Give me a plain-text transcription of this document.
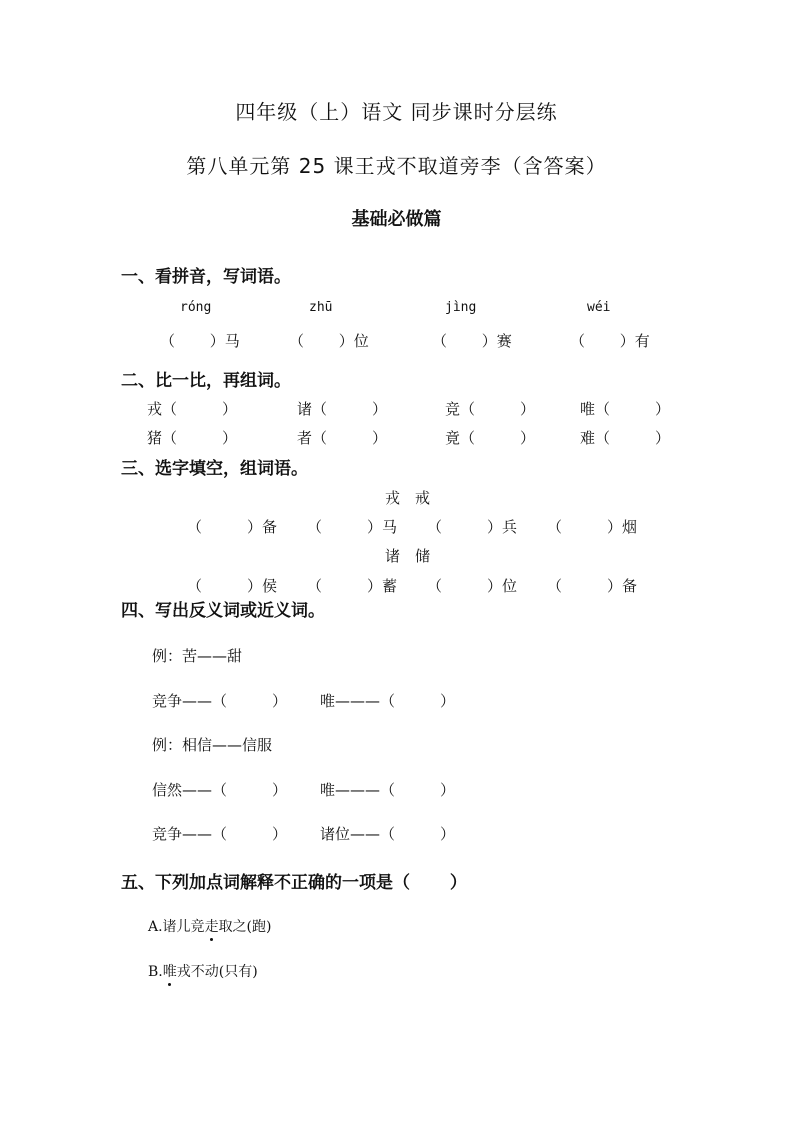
四年级（上）语文 同步课时分层练
第八单元第 25 课王戎不取道旁李（含答案）
基础必做篇
一、看拼音，写词语。
róng	zhū	jìng	wéi
（　　 ）马	（　　 ）位	（　　 ）赛	（　　 ）有
二、比一比，再组词。
戎（　　　）	诸（　　　）	竞（　　　）	唯（　　　）
猪（　　　）	者（　　　）	竟（　　　）	难（　　　）
三、选字填空，组词语。
戎　戒
（　　　）备 （　　　）马 （　　　）兵 （　　　）烟
诸　储
（　　　）侯 （　　　）蓄 （　　　）位 （　　　）备
四、写出反义词或近义词。
例：苦——甜
竞争——（　　　） 唯———（　　　）
例：相信——信服
信然——（　　　） 唯———（　　　）
竞争——（　　　） 诸位——（　　　）
五、下列加点词解释不正确的一项是（　　 ）
A.诸儿竞走取之(跑)
B.唯戎不动(只有)
